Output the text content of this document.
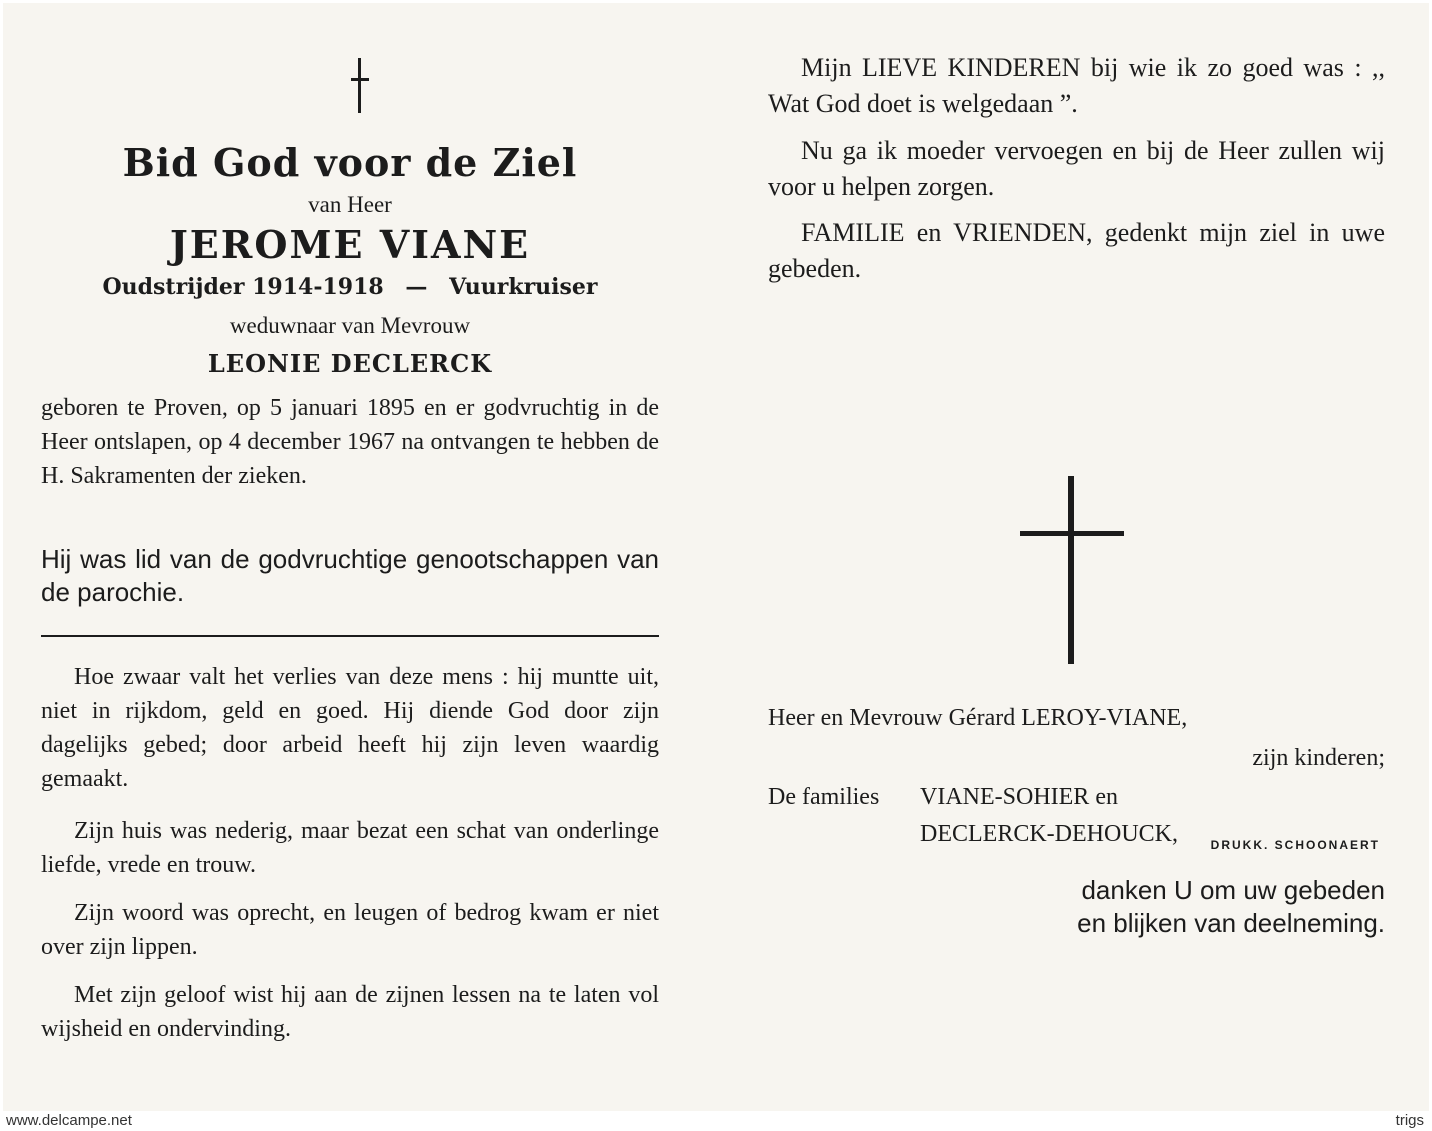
Bid God voor de Ziel
van Heer
JEROME VIANE
Oudstrijder 1914-1918 — Vuurkruiser
weduwnaar van Mevrouw
LEONIE DECLERCK

geboren te Proven, op 5 januari 1895 en er godvruchtig in de Heer ontslapen, op 4 december 1967 na ontvangen te hebben de H. Sakramenten der zieken.

Hij was lid van de godvruchtige genootschappen van de parochie.

Hoe zwaar valt het verlies van deze mens : hij muntte uit, niet in rijkdom, geld en goed. Hij diende God door zijn dagelijks gebed; door arbeid heeft hij zijn leven waardig gemaakt.

Zijn huis was nederig, maar bezat een schat van onderlinge liefde, vrede en trouw.

Zijn woord was oprecht, en leugen of bedrog kwam er niet over zijn lippen.

Met zijn geloof wist hij aan de zijnen lessen na te laten vol wijsheid en ondervinding.

Mijn LIEVE KINDEREN bij wie ik zo goed was : ,, Wat God doet is welgedaan ”.

Nu ga ik moeder vervoegen en bij de Heer zullen wij voor u helpen zorgen.

FAMILIE en VRIENDEN, gedenkt mijn ziel in uwe gebeden.

Heer en Mevrouw Gérard LEROY-VIANE,
zijn kinderen;
De families VIANE-SOHIER en
DECLERCK-DEHOUCK,
danken U om uw gebeden
en blijken van deelneming.
DRUKK. SCHOONAERT
www.delcampe.net	trigs
